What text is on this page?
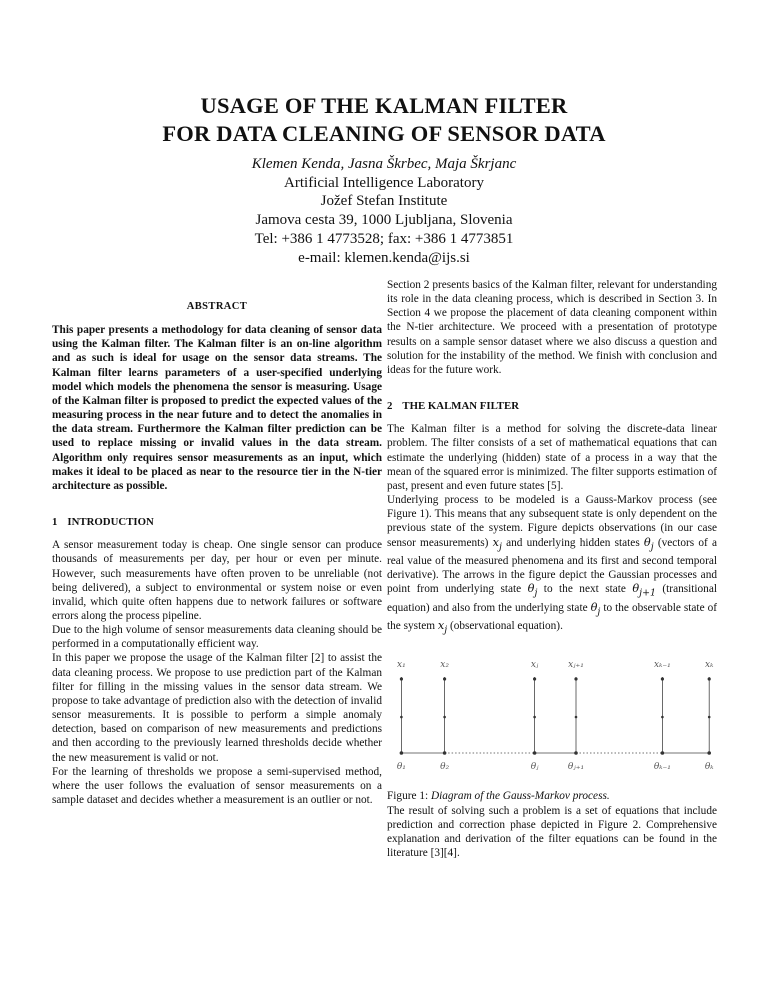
USAGE OF THE KALMAN FILTER
FOR DATA CLEANING OF SENSOR DATA
Klemen Kenda, Jasna Škrbec, Maja Škrjanc
Artificial Intelligence Laboratory
Jožef Stefan Institute
Jamova cesta 39, 1000 Ljubljana, Slovenia
Tel: +386 1 4773528; fax: +386 1 4773851
e-mail: klemen.kenda@ijs.si
ABSTRACT

This paper presents a methodology for data cleaning of sensor data using the Kalman filter. The Kalman filter is an on-line algorithm and as such is ideal for usage on the sensor data streams. The Kalman filter learns parameters of a user-specified underlying model which models the phenomena the sensor is measuring. Usage of the Kalman filter is proposed to predict the expected values of the measuring process in the near future and to detect the anomalies in the data stream. Furthermore the Kalman filter prediction can be used to replace missing or invalid values in the data stream. Algorithm only requires sensor measurements as an input, which makes it ideal to be placed as near to the resource tier in the N-tier architecture as possible.

1 INTRODUCTION

A sensor measurement today is cheap. One single sensor can produce thousands of measurements per day, per hour or even per minute. However, such measurements have often proven to be unreliable (not being delivered), a subject to environmental or system noise or even invalid, which quite often happens due to network failures or software errors along the process pipeline.

Due to the high volume of sensor measurements data cleaning should be performed in a computationally efficient way.

In this paper we propose the usage of the Kalman filter [2] to assist the data cleaning process. We propose to use prediction part of the Kalman filter for filling in the missing values in the sensor data stream. We propose to take advantage of prediction also with the detection of invalid sensor measurements. It is possible to perform a simple anomaly detection, based on comparison of new measurements and predictions and then according to the previously learned thresholds decide whether the new measurement is valid or not.

For the learning of thresholds we propose a semi-supervised method, where the user follows the evaluation of sensor measurements on a sample dataset and decides whether a measurement is an outlier or not.

Section 2 presents basics of the Kalman filter, relevant for understanding its role in the data cleaning process, which is described in Section 3. In Section 4 we propose the placement of data cleaning component within the N-tier architecture. We proceed with a presentation of prototype results on a sample sensor dataset where we also discuss a question and solution for the instability of the method. We finish with conclusion and ideas for the future work.

2 THE KALMAN FILTER

The Kalman filter is a method for solving the discrete-data linear problem. The filter consists of a set of mathematical equations that can estimate the underlying (hidden) state of a process in a way that the mean of the squared error is minimized. The filter supports estimation of past, present and even future states [5].

Underlying process to be modeled is a Gauss-Markov process (see Figure 1). This means that any subsequent state is only dependent on the previous state of the system. Figure depicts observations (in our case sensor measurements) $x_j$ and underlying hidden states $\theta_j$ (vectors of a real value of the measured phenomena and its first and second temporal derivative). The arrows in the figure depict the Gaussian processes and point from underlying state $\theta_j$ to the next state $\theta_{j+1}$ (transitional equation) and also from the underlying state $\theta_j$ to the observable state of the system $x_j$ (observational equation).

x₁
θ₁
x₂
θ₂
xⱼ
θⱼ
xⱼ₊₁
θⱼ₊₁
xₖ₋₁
θₖ₋₁
xₖ
θₖ

Figure 1: Diagram of the Gauss-Markov process.

The result of solving such a problem is a set of equations that include prediction and correction phase depicted in Figure 2. Comprehensive explanation and derivation of the filter equations can be found in the literature [3][4].
